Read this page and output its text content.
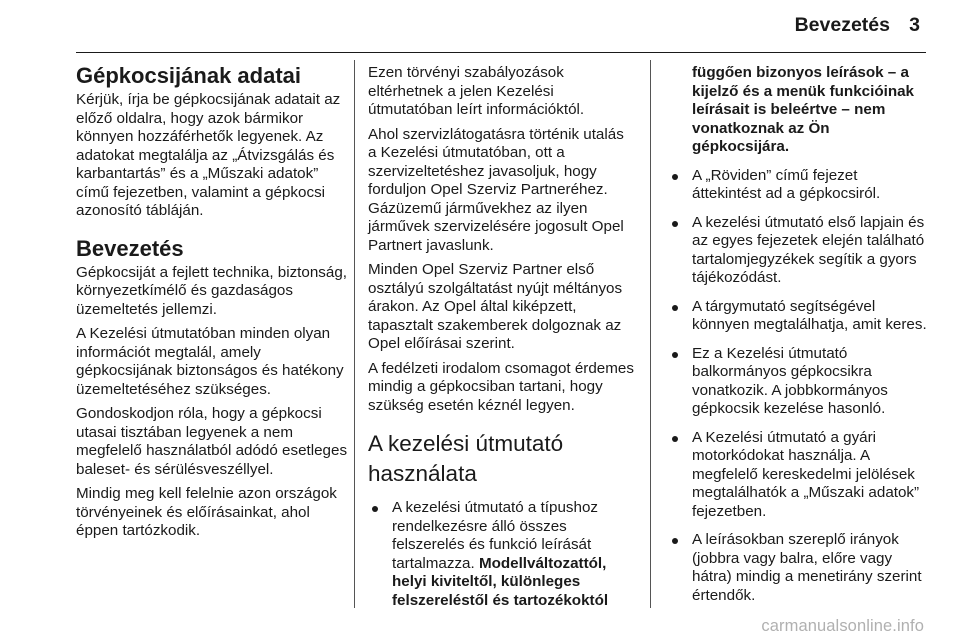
Bevezetés 3
Gépkocsijának adatai

Kérjük, írja be gépkocsijának adatait az előző oldalra, hogy azok bármikor könnyen hozzáférhetők legyenek. Az adatokat megtalálja az „Átvizsgálás és karbantartás” és a „Műszaki adatok” című fejezetben, valamint a gépkocsi azonosító tábláján.

Bevezetés

Gépkocsiját a fejlett technika, biztonság, környezetkímélő és gazdaságos üzemeltetés jellemzi.

A Kezelési útmutatóban minden olyan információt megtalál, amely gépkocsijának biztonságos és hatékony üzemeltetéséhez szükséges.

Gondoskodjon róla, hogy a gépkocsi utasai tisztában legyenek a nem megfelelő használatból adódó esetleges baleset- és sérülésveszéllyel.

Mindig meg kell felelnie azon országok törvényeinek és előírásainkat, ahol éppen tartózkodik.

Ezen törvényi szabályozások eltérhetnek a jelen Kezelési útmutatóban leírt információktól.

Ahol szervizlátogatásra történik utalás a Kezelési útmutatóban, ott a szervizeltetéshez javasoljuk, hogy forduljon Opel Szerviz Partneréhez. Gázüzemű járművekhez az ilyen járművek szervizelésére jogosult Opel Partnert javaslunk.

Minden Opel Szerviz Partner első osztályú szolgáltatást nyújt méltányos árakon. Az Opel által kiképzett, tapasztalt szakemberek dolgoznak az Opel előírásai szerint.

A fedélzeti irodalom csomagot érdemes mindig a gépkocsiban tartani, hogy szükség esetén kéznél legyen.

A kezelési útmutató használata
A kezelési útmutató a típushoz rendelkezésre álló összes felszerelés és funkció leírását tartalmazza. Modellváltozattól, helyi kiviteltől, különleges felszereléstől és tartozékoktól

függően bizonyos leírások – a kijelző és a menük funkcióinak leírásait is beleértve – nem vonatkoznak az Ön gépkocsijára.

A „Röviden” című fejezet áttekintést ad a gépkocsiról.
A kezelési útmutató első lapjain és az egyes fejezetek elején található tartalomjegyzékek segítik a gyors tájékozódást.
A tárgymutató segítségével könnyen megtalálhatja, amit keres.
Ez a Kezelési útmutató balkormányos gépkocsikra vonatkozik. A jobbkormányos gépkocsik kezelése hasonló.
A Kezelési útmutató a gyári motorkódokat használja. A megfelelő kereskedelmi jelölések megtalálhatók a „Műszaki adatok” fejezetben.
A leírásokban szereplő irányok (jobbra vagy balra, előre vagy hátra) mindig a menetirány szerint értendők.
carmanualsonline.info
